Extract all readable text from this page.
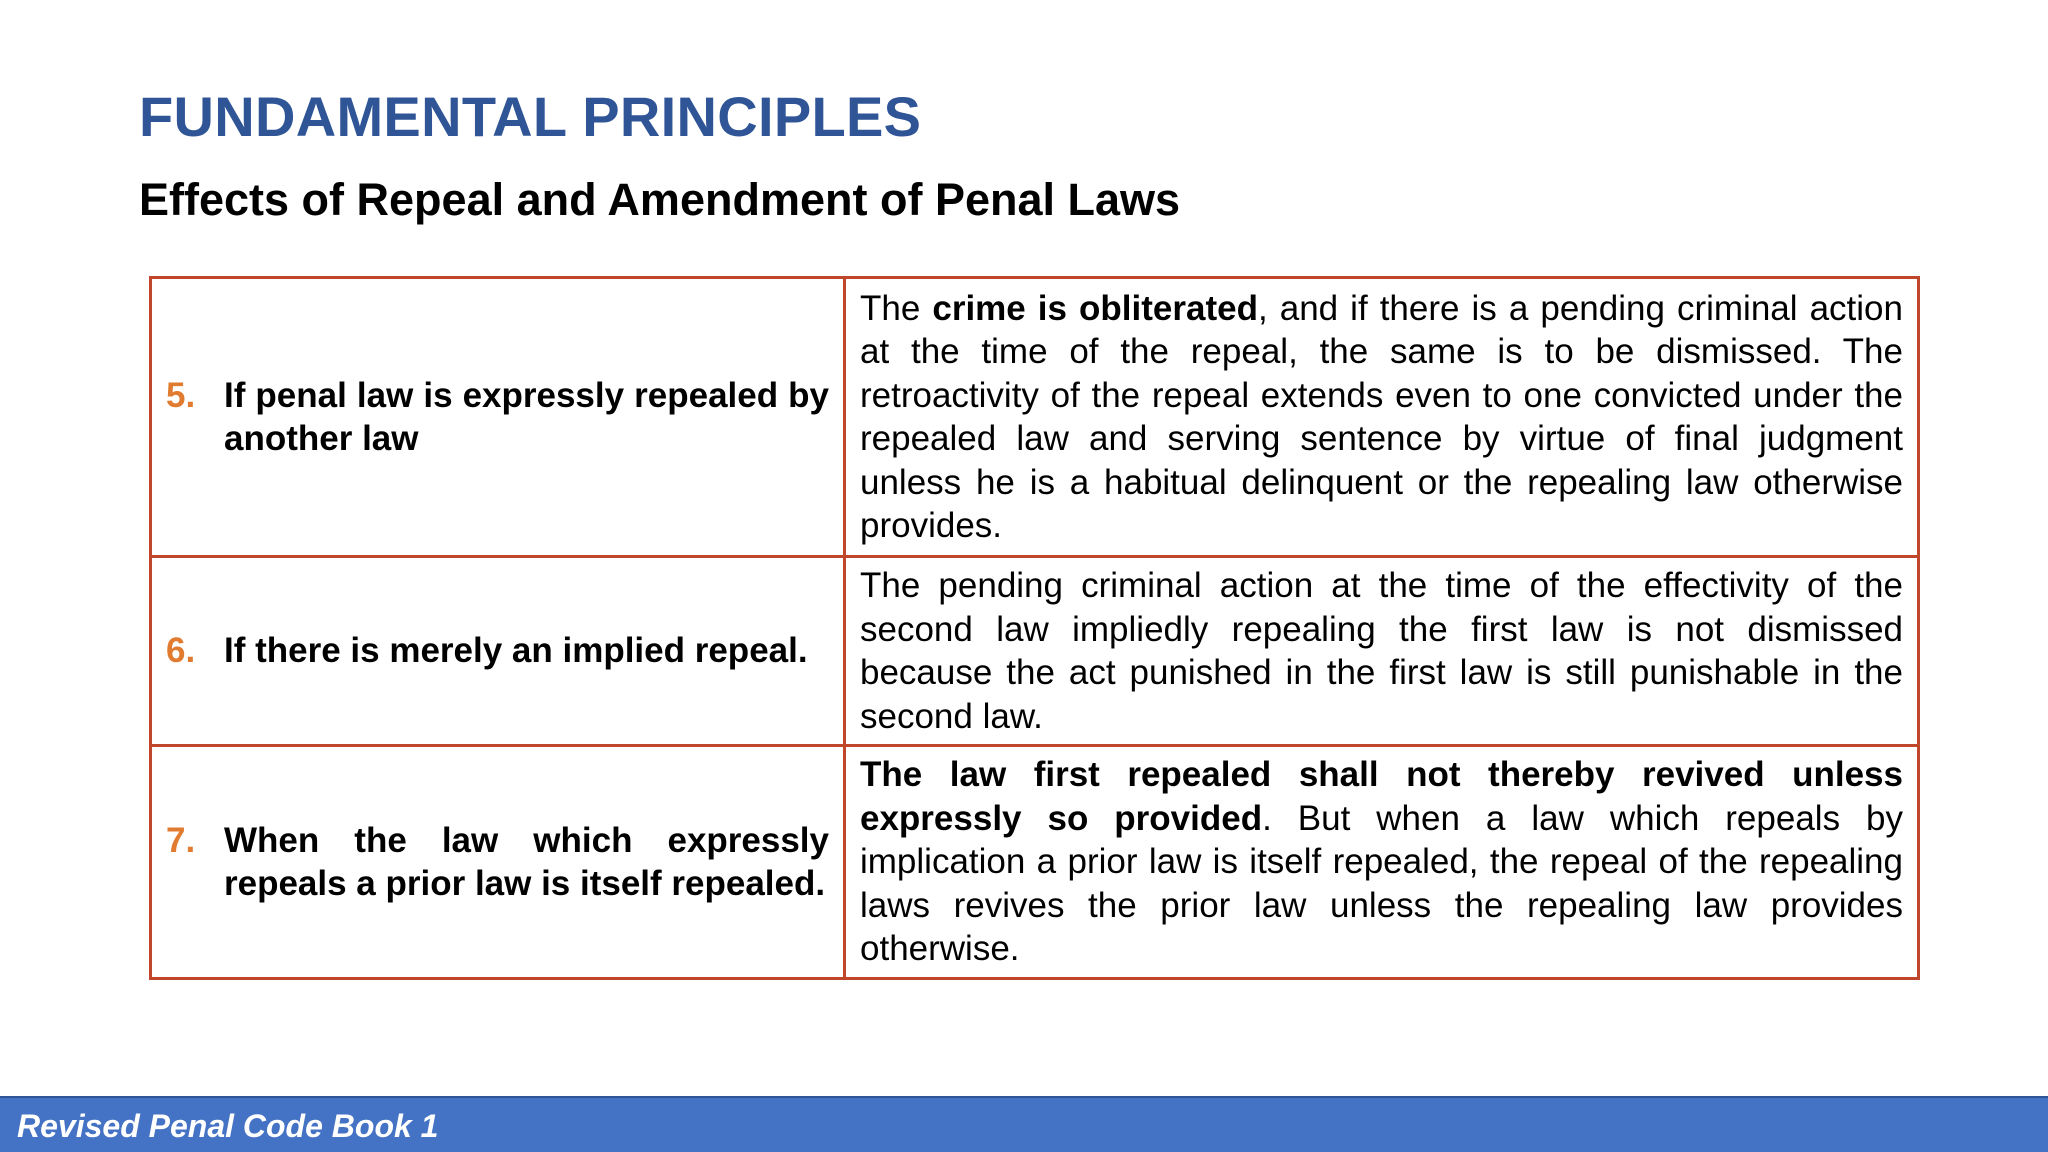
FUNDAMENTAL PRINCIPLES
Effects of Repeal and Amendment of Penal Laws
5. If penal law is expressly repealed by another law	The crime is obliterated, and if there is a pending criminal action at the time of the repeal, the same is to be dismissed. The retroactivity of the repeal extends even to one convicted under the repealed law and serving sentence by virtue of final judgment unless he is a habitual delinquent or the repealing law otherwise provides.

6. If there is merely an implied repeal.	The pending criminal action at the time of the effectivity of the second law impliedly repealing the first law is not dismissed because the act punished in the first law is still punishable in the second law.

7. When the law which expressly repeals a prior law is itself repealed.	The law first repealed shall not thereby revived unless expressly so provided. But when a law which repeals by implication a prior law is itself repealed, the repeal of the repealing laws revives the prior law unless the repealing law provides otherwise.
Revised Penal Code Book 1
